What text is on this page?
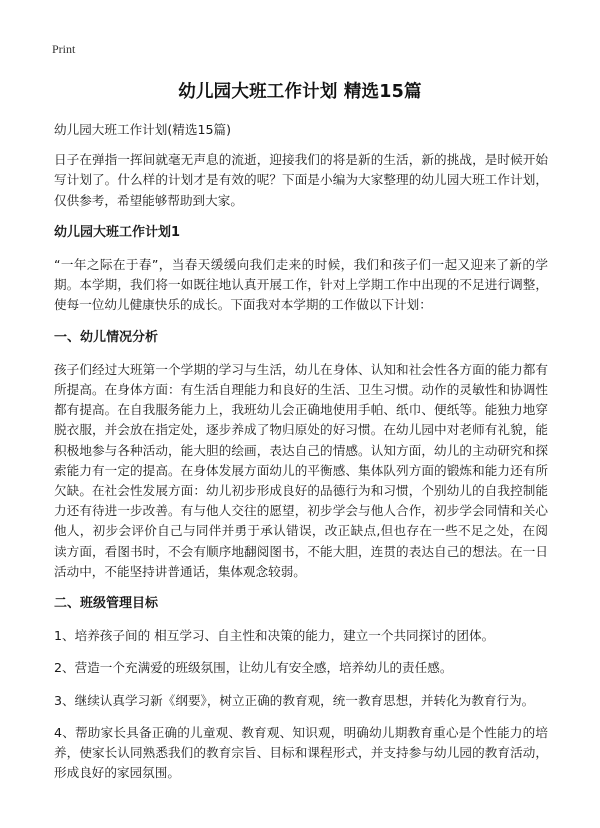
Print
幼儿园大班工作计划 精选15篇

幼儿园大班工作计划(精选15篇)

日子在弹指一挥间就毫无声息的流逝，迎接我们的将是新的生活，新的挑战，是时候开始写计划了。什么样的计划才是有效的呢？下面是小编为大家整理的幼儿园大班工作计划，仅供参考，希望能够帮助到大家。

幼儿园大班工作计划1

“一年之际在于春”，当春天缓缓向我们走来的时候，我们和孩子们一起又迎来了新的学期。本学期，我们将一如既往地认真开展工作，针对上学期工作中出现的不足进行调整，使每一位幼儿健康快乐的成长。下面我对本学期的工作做以下计划：

一、幼儿情况分析

孩子们经过大班第一个学期的学习与生活，幼儿在身体、认知和社会性各方面的能力都有所提高。在身体方面：有生活自理能力和良好的生活、卫生习惯。动作的灵敏性和协调性都有提高。在自我服务能力上，我班幼儿会正确地使用手帕、纸巾、便纸等。能独力地穿脱衣服，并会放在指定处，逐步养成了物归原处的好习惯。在幼儿园中对老师有礼貌，能积极地参与各种活动，能大胆的绘画，表达自己的情感。认知方面，幼儿的主动研究和探索能力有一定的提高。在身体发展方面幼儿的平衡感、集体队列方面的锻炼和能力还有所欠缺。在社会性发展方面：幼儿初步形成良好的品德行为和习惯，个别幼儿的自我控制能力还有待进一步改善。有与他人交往的愿望，初步学会与他人合作，初步学会同情和关心他人，初步会评价自己与同伴并勇于承认错误，改正缺点,但也存在一些不足之处，在阅读方面，看图书时，不会有顺序地翻阅图书，不能大胆，连贯的表达自己的想法。在一日活动中，不能坚持讲普通话，集体观念较弱。

二、班级管理目标

1、培养孩子间的 相互学习、自主性和决策的能力，建立一个共同探讨的团体。

2、营造一个充满爱的班级氛围，让幼儿有安全感，培养幼儿的责任感。

3、继续认真学习新《纲要》，树立正确的教育观，统一教育思想，并转化为教育行为。

4、帮助家长具备正确的儿童观、教育观、知识观，明确幼儿期教育重心是个性能力的培养，使家长认同熟悉我们的教育宗旨、目标和课程形式，并支持参与幼儿园的教育活动，形成良好的家园氛围。
